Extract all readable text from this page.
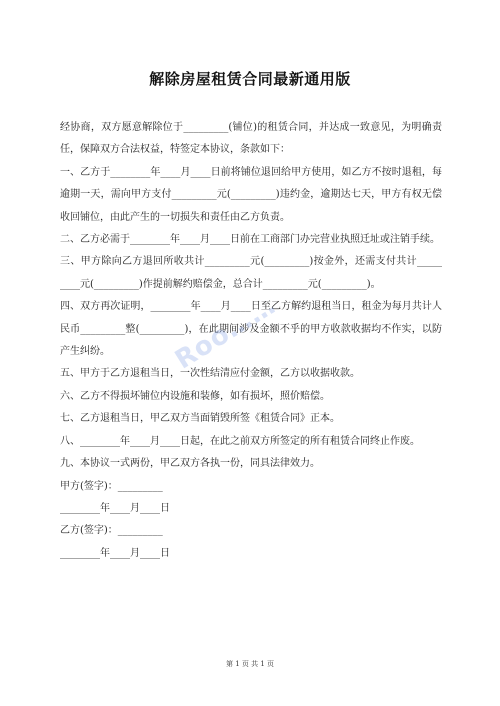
解除房屋租赁合同最新通用版

经协商，双方愿意解除位于_________(铺位)的租赁合同，并达成一致意见，为明确责任，保障双方合法权益，特签定本协议，条款如下：

一、乙方于________年____月____日前将铺位退回给甲方使用，如乙方不按时退租，每逾期一天，需向甲方支付_________元(_________)违约金，逾期达七天，甲方有权无偿收回铺位，由此产生的一切损失和责任由乙方负责。

二、乙方必需于________年____月____日前在工商部门办完营业执照迁址或注销手续。

三、甲方除向乙方退回所收共计_________元(_________)按金外，还需支付共计_____ ____元(_________)作提前解约赔偿金，总合计_________元(_________)。

四、双方再次证明，________年____月____日至乙方解约退租当日，租金为每月共计人民币_________整(_________)，在此期间涉及金额不乎的甲方收款收据均不作实，以防产生纠纷。

五、甲方于乙方退租当日，一次性结清应付金额，乙方以收据收款。

六、乙方不得损坏铺位内设施和装修，如有损坏，照价赔偿。

七、乙方退租当日，甲乙双方当面销毁所签《租赁合同》正本。

八、________年____月____日起，在此之前双方所签定的所有租赁合同终止作废。

九、本协议一式两份，甲乙双方各执一份，同具法律效力。

甲方(签字)：_________

________年____月____日

乙方(签字)：_________

________年____月____日

Roo……
第 1 页 共 1 页
